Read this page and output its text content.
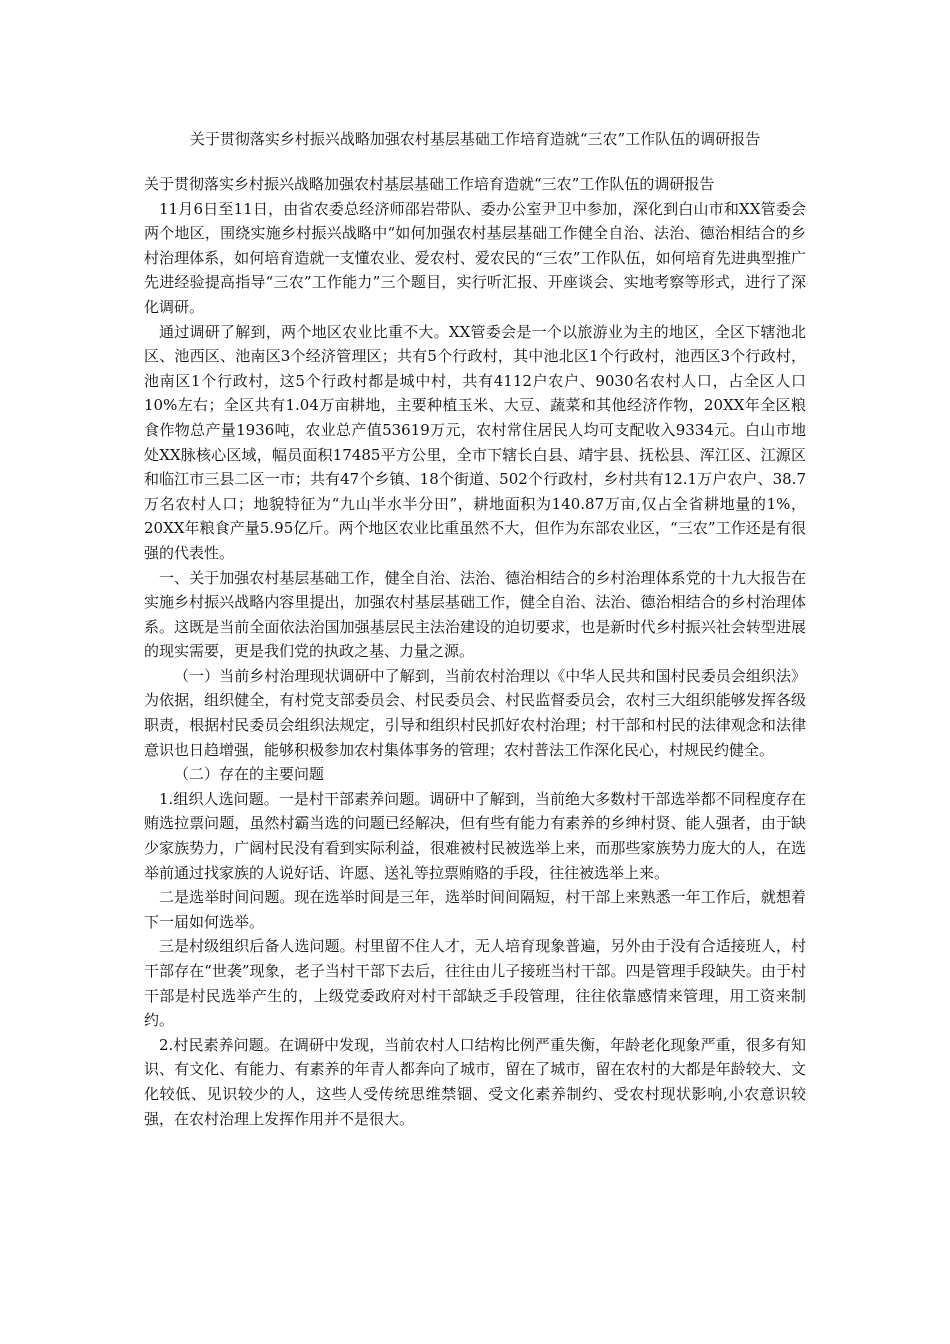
关于贯彻落实乡村振兴战略加强农村基层基础工作培育造就“三农”工作队伍的调研报告

关于贯彻落实乡村振兴战略加强农村基层基础工作培育造就“三农”工作队伍的调研报告

11月6日至11日，由省农委总经济师邵岩带队、委办公室尹卫中参加，深化到白山市和XX管委会两个地区，围绕实施乡村振兴战略中“如何加强农村基层基础工作健全自治、法治、德治相结合的乡村治理体系，如何培育造就一支懂农业、爱农村、爱农民的“三农”工作队伍，如何培育先进典型推广先进经验提高指导“三农”工作能力”三个题目，实行听汇报、开座谈会、实地考察等形式，进行了深化调研。

通过调研了解到，两个地区农业比重不大。XX管委会是一个以旅游业为主的地区，全区下辖池北区、池西区、池南区3个经济管理区；共有5个行政村，其中池北区1个行政村，池西区3个行政村，池南区1个行政村，这5个行政村都是城中村，共有4112户农户、9030名农村人口，占全区人口10%左右；全区共有1.04万亩耕地，主要种植玉米、大豆、蔬菜和其他经济作物，20XX年全区粮食作物总产量1936吨，农业总产值53619万元，农村常住居民人均可支配收入9334元。白山市地处XX脉核心区域，幅员面积17485平方公里，全市下辖长白县、靖宇县、抚松县、浑江区、江源区和临江市三县二区一市；共有47个乡镇、18个街道、502个行政村，乡村共有12.1万户农户、38.7万名农村人口；地貌特征为“九山半水半分田”，耕地面积为140.87万亩,仅占全省耕地量的1%，20XX年粮食产量5.95亿斤。两个地区农业比重虽然不大，但作为东部农业区，“三农”工作还是有很强的代表性。

一、关于加强农村基层基础工作，健全自治、法治、德治相结合的乡村治理体系党的十九大报告在实施乡村振兴战略内容里提出，加强农村基层基础工作，健全自治、法治、德治相结合的乡村治理体系。这既是当前全面依法治国加强基层民主法治建设的迫切要求，也是新时代乡村振兴社会转型进展的现实需要，更是我们党的执政之基、力量之源。

（一）当前乡村治理现状调研中了解到，当前农村治理以《中华人民共和国村民委员会组织法》为依据，组织健全，有村党支部委员会、村民委员会、村民监督委员会，农村三大组织能够发挥各级职责，根据村民委员会组织法规定，引导和组织村民抓好农村治理；村干部和村民的法律观念和法律意识也日趋增强，能够积极参加农村集体事务的管理；农村普法工作深化民心，村规民约健全。

（二）存在的主要问题

1.组织人选问题。一是村干部素养问题。调研中了解到，当前绝大多数村干部选举都不同程度存在贿选拉票问题，虽然村霸当选的问题已经解决，但有些有能力有素养的乡绅村贤、能人强者，由于缺少家族势力，广阔村民没有看到实际利益，很难被村民被选举上来，而那些家族势力庞大的人，在选举前通过找家族的人说好话、许愿、送礼等拉票贿赂的手段，往往被选举上来。

二是选举时间问题。现在选举时间是三年，选举时间间隔短，村干部上来熟悉一年工作后，就想着下一届如何选举。

三是村级组织后备人选问题。村里留不住人才，无人培育现象普遍，另外由于没有合适接班人，村干部存在“世袭”现象，老子当村干部下去后，往往由儿子接班当村干部。四是管理手段缺失。由于村干部是村民选举产生的，上级党委政府对村干部缺乏手段管理，往往依靠感情来管理，用工资来制约。

2.村民素养问题。在调研中发现，当前农村人口结构比例严重失衡，年龄老化现象严重，很多有知识、有文化、有能力、有素养的年青人都奔向了城市，留在了城市，留在农村的大都是年龄较大、文化较低、见识较少的人，这些人受传统思维禁锢、受文化素养制约、受农村现状影响,小农意识较强，在农村治理上发挥作用并不是很大。
